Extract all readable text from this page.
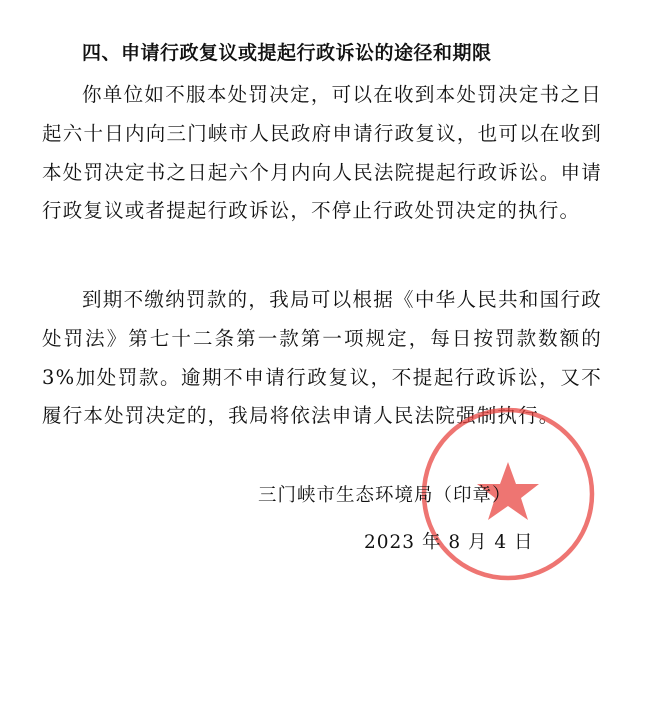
四、申请行政复议或提起行政诉讼的途径和期限

你单位如不服本处罚决定，可以在收到本处罚决定书之日起六十日内向三门峡市人民政府申请行政复议，也可以在收到本处罚决定书之日起六个月内向人民法院提起行政诉讼。申请行政复议或者提起行政诉讼，不停止行政处罚决定的执行。

到期不缴纳罚款的，我局可以根据《中华人民共和国行政处罚法》第七十二条第一款第一项规定，每日按罚款数额的3%加处罚款。逾期不申请行政复议，不提起行政诉讼，又不履行本处罚决定的，我局将依法申请人民法院强制执行。

三门峡市生态环境局（印章）
2023 年 8 月 4 日
